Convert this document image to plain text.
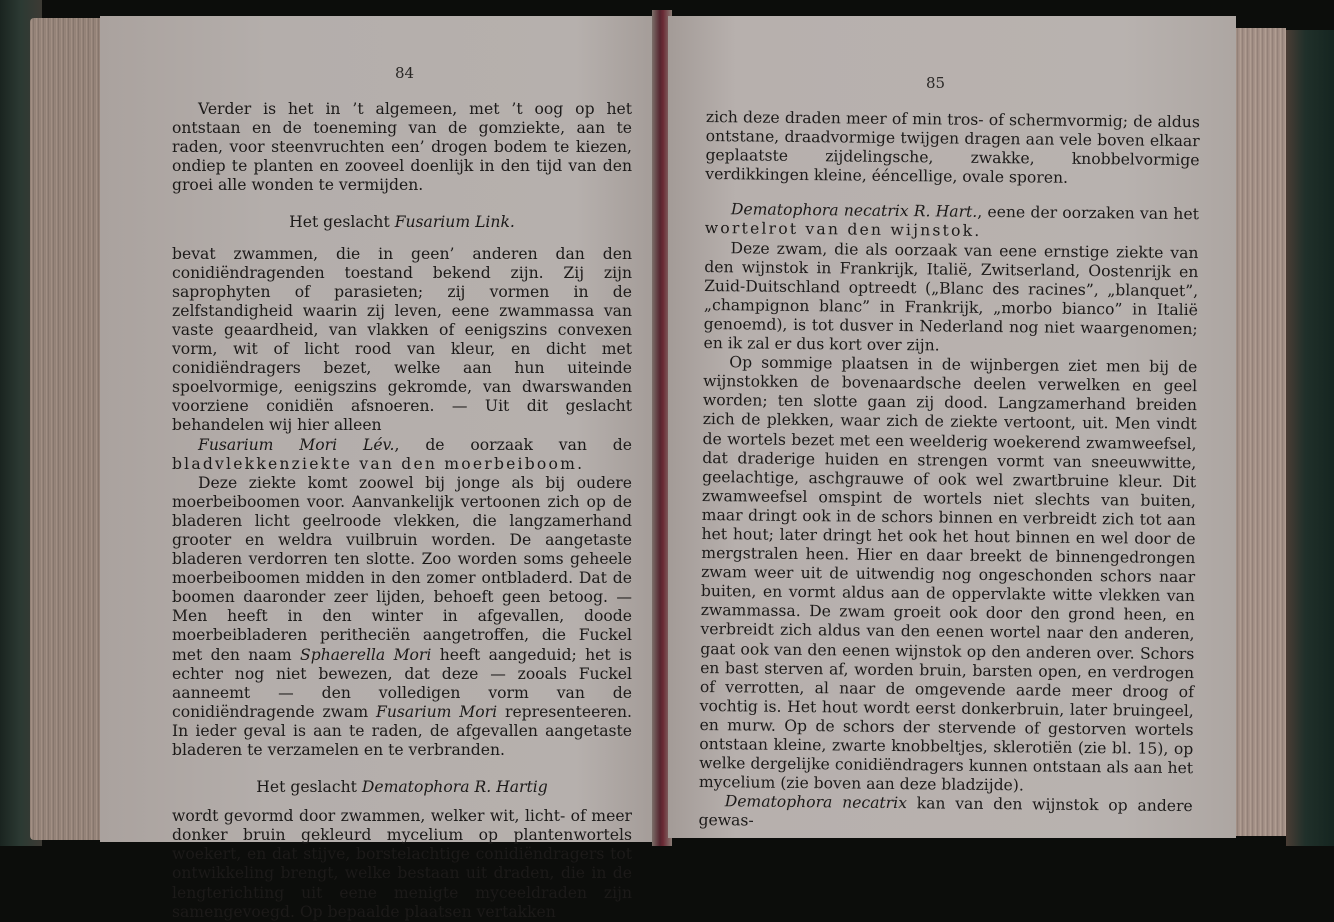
84

Verder is het in ’t algemeen, met ’t oog op het ontstaan en de toeneming van de gomziekte, aan te raden, voor steenvruchten een’ drogen bodem te kiezen, ondiep te planten en zooveel doenlijk in den tijd van den groei alle wonden te vermijden.

Het geslacht Fusarium Link.

bevat zwammen, die in geen’ anderen dan den conidiëndragenden toestand bekend zijn. Zij zijn saprophyten of parasieten; zij vormen in de zelfstandigheid waarin zij leven, eene zwammassa van vaste geaardheid, van vlakken of eenigszins convexen vorm, wit of licht rood van kleur, en dicht met conidiëndragers bezet, welke aan hun uiteinde spoelvormige, eenigszins gekromde, van dwarswanden voorziene conidiën afsnoeren. — Uit dit geslacht behandelen wij hier alleen

Fusarium Mori Lév., de oorzaak van de bladvlekkenziekte van den moerbeiboom.

Deze ziekte komt zoowel bij jonge als bij oudere moerbeiboomen voor. Aanvankelijk vertoonen zich op de bladeren licht geelroode vlekken, die langzamerhand grooter en weldra vuilbruin worden. De aangetaste bladeren verdorren ten slotte. Zoo worden soms geheele moerbeiboomen midden in den zomer ontbladerd. Dat de boomen daaronder zeer lijden, behoeft geen betoog. — Men heeft in den winter in afgevallen, doode moerbeibladeren peritheciën aangetroffen, die Fuckel met den naam Sphaerella Mori heeft aangeduid; het is echter nog niet bewezen, dat deze — zooals Fuckel aanneemt — den volledigen vorm van de conidiëndragende zwam Fusarium Mori representeeren. In ieder geval is aan te raden, de afgevallen aangetaste bladeren te verzamelen en te verbranden.

Het geslacht Dematophora R. Hartig

wordt gevormd door zwammen, welker wit, licht- of meer donker bruin gekleurd mycelium op plantenwortels woekert, en dat stijve, borstelachtige conidiëndragers tot ontwikkeling brengt, welke bestaan uit draden, die in de lengterichting uit eene menigte myceeldraden zijn samengevoegd. Op bepaalde plaatsen vertakken

85

zich deze draden meer of min tros- of schermvormig; de aldus ontstane, draadvormige twijgen dragen aan vele boven elkaar geplaatste zijdelingsche, zwakke, knobbelvormige verdikkingen kleine, ééncellige, ovale sporen.

Dematophora necatrix R. Hart., eene der oorzaken van het wortelrot van den wijnstok.

Deze zwam, die als oorzaak van eene ernstige ziekte van den wijnstok in Frankrijk, Italië, Zwitserland, Oostenrijk en Zuid-Duitschland optreedt („Blanc des racines”, „blanquet”, „champignon blanc” in Frankrijk, „morbo bianco” in Italië genoemd), is tot dusver in Nederland nog niet waargenomen; en ik zal er dus kort over zijn.

Op sommige plaatsen in de wijnbergen ziet men bij de wijnstokken de bovenaardsche deelen verwelken en geel worden; ten slotte gaan zij dood. Langzamerhand breiden zich de plekken, waar zich de ziekte vertoont, uit. Men vindt de wortels bezet met een weelderig woekerend zwamweefsel, dat draderige huiden en strengen vormt van sneeuwwitte, geelachtige, aschgrauwe of ook wel zwartbruine kleur. Dit zwamweefsel omspint de wortels niet slechts van buiten, maar dringt ook in de schors binnen en verbreidt zich tot aan het hout; later dringt het ook het hout binnen en wel door de mergstralen heen. Hier en daar breekt de binnengedrongen zwam weer uit de uitwendig nog ongeschonden schors naar buiten, en vormt aldus aan de oppervlakte witte vlekken van zwammassa. De zwam groeit ook door den grond heen, en verbreidt zich aldus van den eenen wortel naar den anderen, gaat ook van den eenen wijnstok op den anderen over. Schors en bast sterven af, worden bruin, barsten open, en verdrogen of verrotten, al naar de omgevende aarde meer droog of vochtig is. Het hout wordt eerst donkerbruin, later bruingeel, en murw. Op de schors der stervende of gestorven wortels ontstaan kleine, zwarte knobbeltjes, sklerotiën (zie bl. 15), op welke dergelijke conidiëndragers kunnen ontstaan als aan het mycelium (zie boven aan deze bladzijde).

Dematophora necatrix kan van den wijnstok op andere gewas-
